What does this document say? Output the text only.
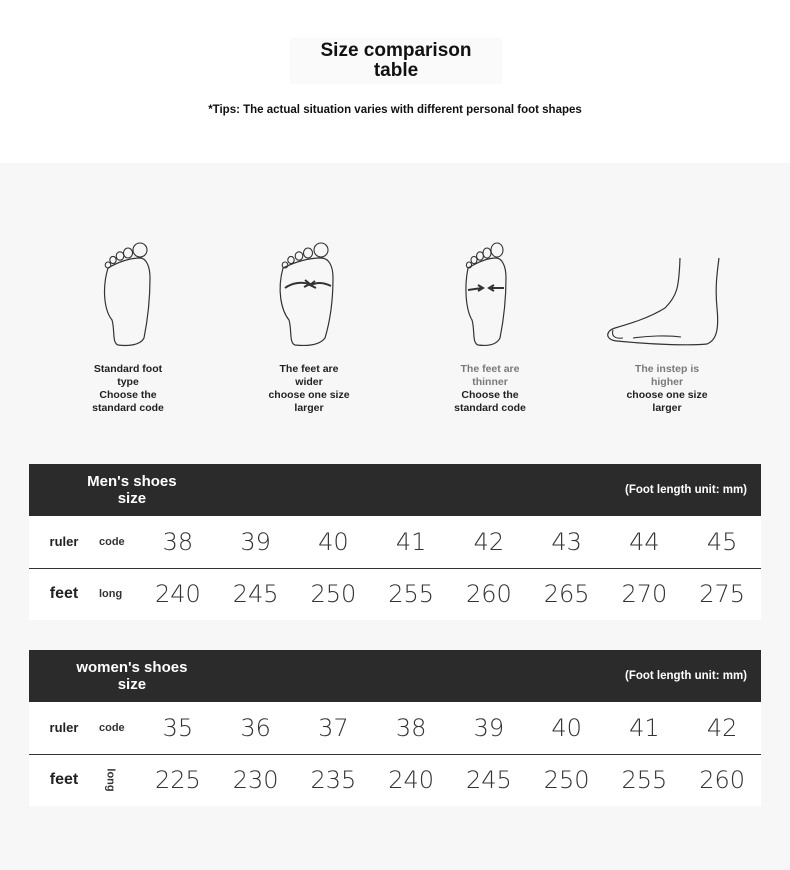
Size comparison
table
*Tips: The actual situation varies with different personal foot shapes
Standard foot
type
Choose the
standard code
The feet are
wider
choose one size
larger
The feet are
thinner
Choose the
standard code
The instep is
higher
choose one size
larger
Men's shoes
size			(Foot length unit: mm)						
ruler	code	38	39	40	41	42	43	44	45
feet	long	240	245	250	255	260	265	270	275
women's shoes
size			(Foot length unit: mm)						
ruler	code	35	36	37	38	39	40	41	42
feet	long	225	230	235	240	245	250	255	260
